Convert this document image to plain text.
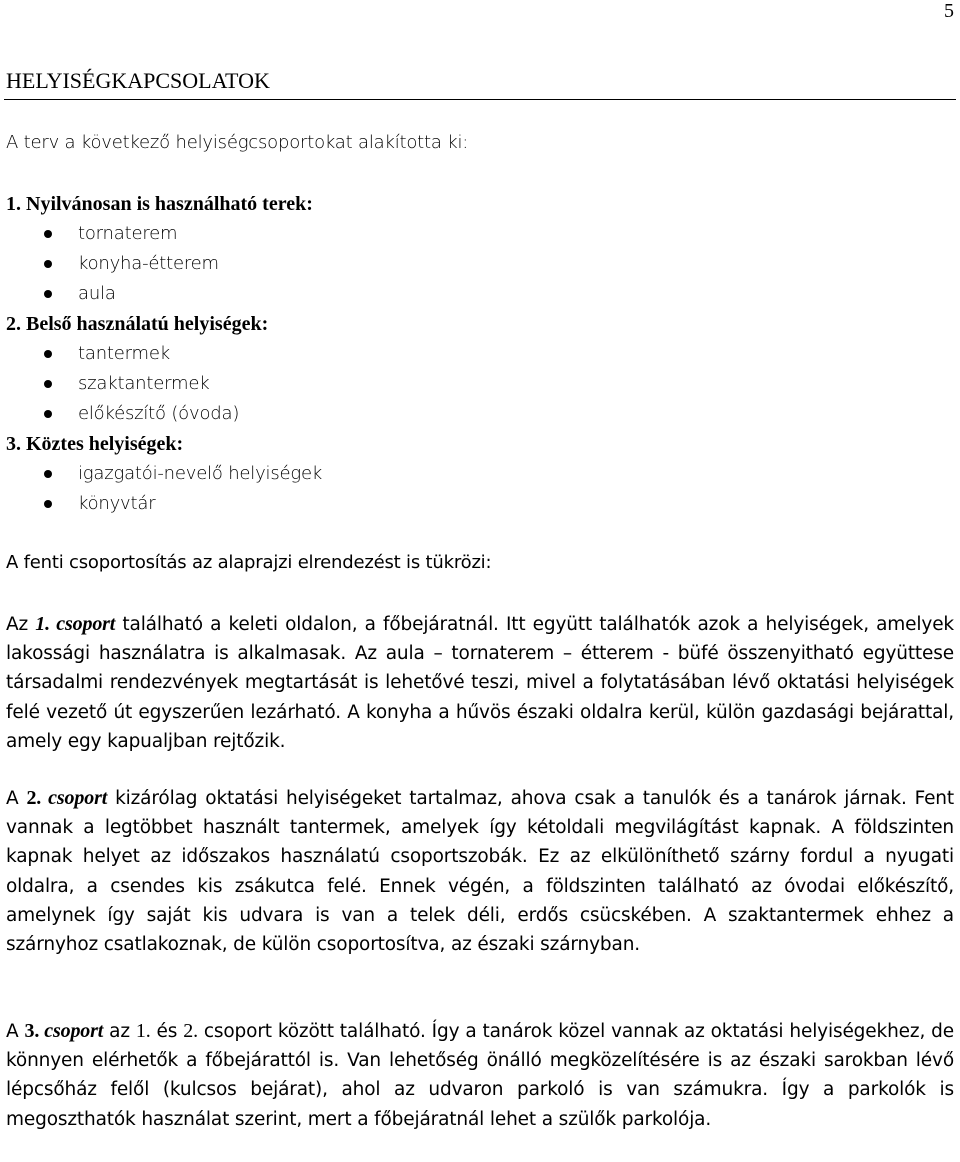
5
HELYISÉGKAPCSOLATOK
A terv a következő helyiségcsoportokat alakította ki:
1. Nyilvánosan is használható terek:
tornaterem
konyha-étterem
aula
2. Belső használatú helyiségek:
tantermek
szaktantermek
előkészítő (óvoda)
3. Köztes helyiségek:
igazgatói-nevelő helyiségek
könyvtár
A fenti csoportosítás az alaprajzi elrendezést is tükrözi:
Az 1. csoport található a keleti oldalon, a főbejáratnál. Itt együtt találhatók azok a helyiségek, amelyek lakossági használatra is alkalmasak. Az aula – tornaterem – étterem - büfé összenyitható együttese társadalmi rendezvények megtartását is lehetővé teszi, mivel a folytatásában lévő oktatási helyiségek felé vezető út egyszerűen lezárható. A konyha a hűvös északi oldalra kerül, külön gazdasági bejárattal, amely egy kapualjban rejtőzik.
A 2. csoport kizárólag oktatási helyiségeket tartalmaz, ahova csak a tanulók és a tanárok járnak. Fent vannak a legtöbbet használt tantermek, amelyek így kétoldali megvilágítást kapnak. A földszinten kapnak helyet az időszakos használatú csoportszobák. Ez az elkülöníthető szárny fordul a nyugati oldalra, a csendes kis zsákutca felé. Ennek végén, a földszinten található az óvodai előkészítő, amelynek így saját kis udvara is van a telek déli, erdős csücskében. A szaktantermek ehhez a szárnyhoz csatlakoznak, de külön csoportosítva, az északi szárnyban.
A 3. csoport az 1. és 2. csoport között található. Így a tanárok közel vannak az oktatási helyiségekhez, de könnyen elérhetők a főbejárattól is. Van lehetőség önálló megközelítésére is az északi sarokban lévő lépcsőház felől (kulcsos bejárat), ahol az udvaron parkoló is van számukra. Így a parkolók is megoszthatók használat szerint, mert a főbejáratnál lehet a szülők parkolója.
